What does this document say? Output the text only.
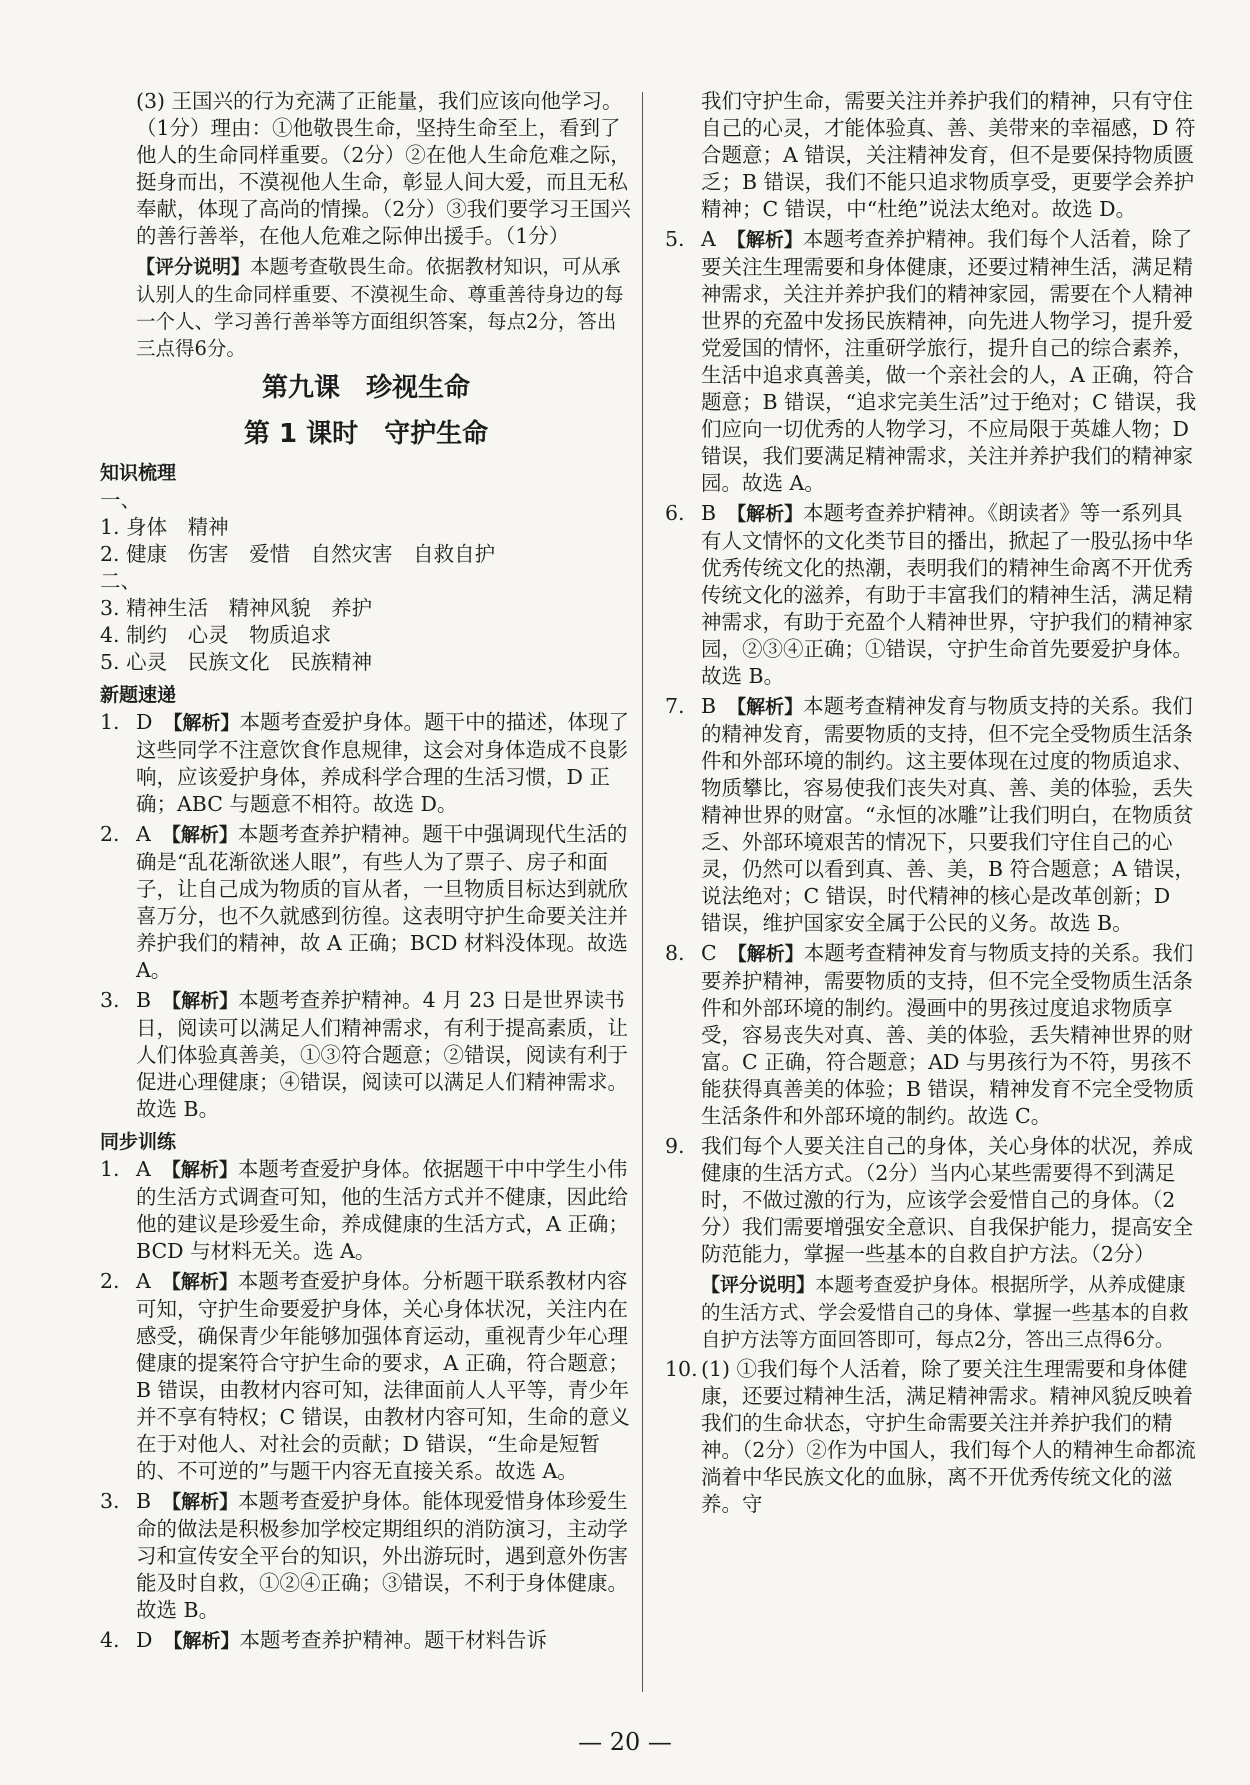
(3) 王国兴的行为充满了正能量，我们应该向他学习。（1分）理由：①他敬畏生命，坚持生命至上，看到了他人的生命同样重要。（2分）②在他人生命危难之际，挺身而出，不漠视他人生命，彰显人间大爱，而且无私奉献，体现了高尚的情操。（2分）③我们要学习王国兴的善行善举，在他人危难之际伸出援手。（1分）

【评分说明】本题考查敬畏生命。依据教材知识，可从承认别人的生命同样重要、不漠视生命、尊重善待身边的每一个人、学习善行善举等方面组织答案，每点2分，答出三点得6分。

第九课　珍视生命
第 1 课时　守护生命
知识梳理

一、

1. 身体　精神

2. 健康　伤害　爱惜　自然灾害　自救自护

二、

3. 精神生活　精神风貌　养护

4. 制约　心灵　物质追求

5. 心灵　民族文化　民族精神

新题速递
1. D　 【解析】本题考查爱护身体。题干中的描述，体现了这些同学不注意饮食作息规律，这会对身体造成不良影响，应该爱护身体，养成科学合理的生活习惯，D 正确；ABC 与题意不相符。故选 D。
2. A　 【解析】本题考查养护精神。题干中强调现代生活的确是“乱花渐欲迷人眼”，有些人为了票子、房子和面子，让自己成为物质的盲从者，一旦物质目标达到就欣喜万分，也不久就感到彷徨。这表明守护生命要关注并养护我们的精神，故 A 正确；BCD 材料没体现。故选 A。
3. B　 【解析】本题考查养护精神。4 月 23 日是世界读书日，阅读可以满足人们精神需求，有利于提高素质，让人们体验真善美，①③符合题意；②错误，阅读有利于促进心理健康；④错误，阅读可以满足人们精神需求。故选 B。
同步训练
1. A　 【解析】本题考查爱护身体。依据题干中中学生小伟的生活方式调查可知，他的生活方式并不健康，因此给他的建议是珍爱生命，养成健康的生活方式，A 正确；BCD 与材料无关。选 A。
2. A　 【解析】本题考查爱护身体。分析题干联系教材内容可知，守护生命要爱护身体，关心身体状况，关注内在感受，确保青少年能够加强体育运动，重视青少年心理健康的提案符合守护生命的要求，A 正确，符合题意；B 错误，由教材内容可知，法律面前人人平等，青少年并不享有特权；C 错误，由教材内容可知，生命的意义在于对他人、对社会的贡献；D 错误，“生命是短暂的、不可逆的”与题干内容无直接关系。故选 A。
3. B　 【解析】本题考查爱护身体。能体现爱惜身体珍爱生命的做法是积极参加学校定期组织的消防演习，主动学习和宣传安全平台的知识，外出游玩时，遇到意外伤害能及时自救，①②④正确；③错误，不利于身体健康。故选 B。
4. D　 【解析】本题考查养护精神。题干材料告诉

我们守护生命，需要关注并养护我们的精神，只有守住自己的心灵，才能体验真、善、美带来的幸福感，D 符合题意；A 错误，关注精神发育，但不是要保持物质匮乏；B 错误，我们不能只追求物质享受，更要学会养护精神；C 错误，中“杜绝”说法太绝对。故选 D。

5. A　 【解析】本题考查养护精神。我们每个人活着，除了要关注生理需要和身体健康，还要过精神生活，满足精神需求，关注并养护我们的精神家园，需要在个人精神世界的充盈中发扬民族精神，向先进人物学习，提升爱党爱国的情怀，注重研学旅行，提升自己的综合素养，生活中追求真善美，做一个亲社会的人，A 正确，符合题意；B 错误，“追求完美生活”过于绝对；C 错误，我们应向一切优秀的人物学习，不应局限于英雄人物；D 错误，我们要满足精神需求，关注并养护我们的精神家园。故选 A。
6. B　 【解析】本题考查养护精神。《朗读者》等一系列具有人文情怀的文化类节目的播出，掀起了一股弘扬中华优秀传统文化的热潮，表明我们的精神生命离不开优秀传统文化的滋养，有助于丰富我们的精神生活，满足精神需求，有助于充盈个人精神世界，守护我们的精神家园，②③④正确；①错误，守护生命首先要爱护身体。故选 B。
7. B　 【解析】本题考查精神发育与物质支持的关系。我们的精神发育，需要物质的支持，但不完全受物质生活条件和外部环境的制约。这主要体现在过度的物质追求、物质攀比，容易使我们丧失对真、善、美的体验，丢失精神世界的财富。“永恒的冰雕”让我们明白，在物质贫乏、外部环境艰苦的情况下，只要我们守住自己的心灵，仍然可以看到真、善、美，B 符合题意；A 错误，说法绝对；C 错误，时代精神的核心是改革创新；D 错误，维护国家安全属于公民的义务。故选 B。
8. C　 【解析】本题考查精神发育与物质支持的关系。我们要养护精神，需要物质的支持，但不完全受物质生活条件和外部环境的制约。漫画中的男孩过度追求物质享受，容易丧失对真、善、美的体验，丢失精神世界的财富。C 正确，符合题意；AD 与男孩行为不符，男孩不能获得真善美的体验；B 错误，精神发育不完全受物质生活条件和外部环境的制约。故选 C。
9. 我们每个人要关注自己的身体，关心身体的状况，养成健康的生活方式。（2分）当内心某些需要得不到满足时，不做过激的行为，应该学会爱惜自己的身体。（2分）我们需要增强安全意识、自我保护能力，提高安全防范能力，掌握一些基本的自救自护方法。（2分）

【评分说明】本题考查爱护身体。根据所学，从养成健康的生活方式、学会爱惜自己的身体、掌握一些基本的自救自护方法等方面回答即可，每点2分，答出三点得6分。

10. (1) ①我们每个人活着，除了要关注生理需要和身体健康，还要过精神生活，满足精神需求。精神风貌反映着我们的生命状态，守护生命需要关注并养护我们的精神。（2分）②作为中国人，我们每个人的精神生命都流淌着中华民族文化的血脉，离不开优秀传统文化的滋养。守
— 20 —
